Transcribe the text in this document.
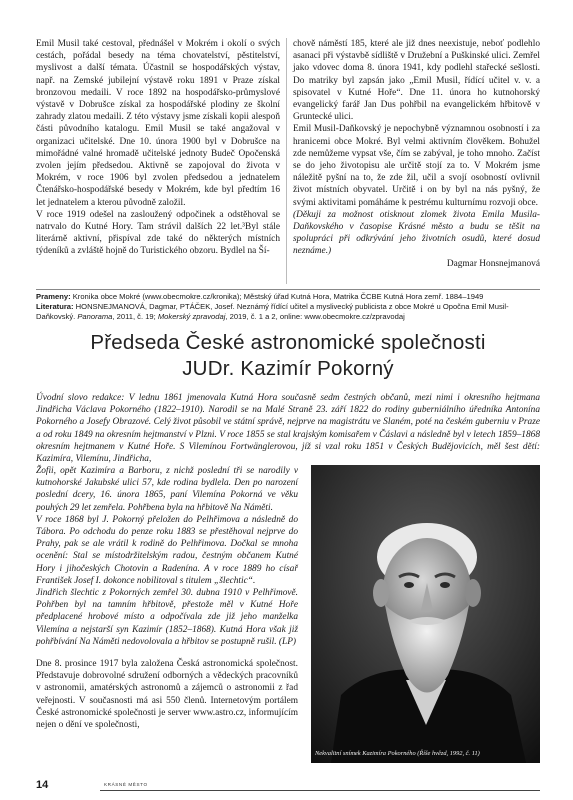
Emil Musil také cestoval, přednášel v Mokrém i okolí o svých cestách, pořádal besedy na téma chovatelství, pěstitelství, myslivost a další témata. Účastnil se hospodářských výstav, např. na Zemské jubilejní výstavě roku 1891 v Praze získal bronzovou medaili. V roce 1892 na hospodářsko-průmyslové výstavě v Dobrušce získal za hospodářské plodiny ze školní zahrady zlatou medaili. Z této výstavy jsme získali kopii alespoň části původního katalogu. Emil Musil se také angažoval v organizaci učitelské. Dne 10. února 1900 byl v Dobrušce na mimořádné valné hromadě učitelské jednoty Budeč Opočenská zvolen jejím předsedou. Aktivně se zapojoval do života v Mokrém, v roce 1906 byl zvolen předsedou a jednatelem Čtenářsko-hospodářské besedy v Mokrém, kde byl předtím 16 let jednatelem a kterou původně založil.

V roce 1919 odešel na zasloužený odpočinek a odstěhoval se natrvalo do Kutné Hory. Tam strávil dalších 22 let.³Byl stále literárně aktivní, přispíval zde také do některých místních týdeníků a zvláště hojně do Turistického obzoru. Bydlel na Ší-

chově náměstí 185, které ale již dnes neexistuje, neboť podlehlo asanaci při výstavbě sídliště v Družební a Puškinské ulici. Zemřel jako vdovec doma 8. února 1941, kdy podlehl stařecké sešlosti. Do matriky byl zapsán jako „Emil Musil, řídící učitel v. v. a spisovatel v Kutné Hoře“. Dne 11. února ho kutnohorský evangelický farář Jan Dus pohřbil na evangelickém hřbitově v Gruntecké ulici.

Emil Musil-Daňkovský je nepochybně významnou osobností i za hranicemi obce Mokré. Byl velmi aktivním člověkem. Bohužel zde nemůžeme vypsat vše, čím se zabýval, je toho mnoho. Začíst se do jeho životopisu ale určitě stojí za to. V Mokrém jsme náležitě pyšní na to, že zde žil, učil a svojí osobností ovlivnil život místních obyvatel. Určitě i on by byl na nás pyšný, že svými aktivitami pomáháme k pestrému kulturnímu rozvoji obce.

(Děkuji za možnost otisknout zlomek života Emila Musila-Daňkovského v časopise Krásné město a budu se těšit na spolupráci při odkrývání jeho životních osudů, které dosud neznáme.)

Dagmar Honsnejmanová

Prameny: Kronika obce Mokré (www.obecmokre.cz/kronika); Městský úřad Kutná Hora, Matrika ČCBE Kutná Hora zemř. 1884–1949
Literatura: HONSNEJMANOVÁ, Dagmar, PTÁČEK, Josef. Neznámý řídící učitel a myslivecký publicista z obce Mokré u Opočna Emil Musil-Daňkovský. Panorama, 2011, č. 19; Mokerský zpravodaj, 2019, č. 1 a 2, online: www.obecmokre.cz/zpravodaj
Předseda České astronomické společnosti
JUDr. Kazimír Pokorný
Úvodní slovo redakce: V lednu 1861 jmenovala Kutná Hora současně sedm čestných občanů, mezi nimi i okresního hejtmana Jindřicha Václava Pokorného (1822–1910). Narodil se na Malé Straně 23. září 1822 do rodiny guberniálního úředníka Antonína Pokorného a Josefy Obrazové. Celý život působil ve státní správě, nejprve na magistrátu ve Slaném, poté na českém guberniu v Praze a od roku 1849 na okresním hejtmanství v Plzni. V roce 1855 se stal krajským komisařem v Čáslavi a následně byl v letech 1859–1868 okresním hejtmanem v Kutné Hoře. S Vilemínou Fortwänglerovou, jíž si vzal roku 1851 v Českých Budějovicích, měl šest dětí: Kazimíra, Vilemínu, Jindřicha,

Žofii, opět Kazimíra a Barboru, z nichž poslední tři se narodily v kutnohorské Jakubské ulici 57, kde rodina bydlela. Den po narození poslední dcery, 16. února 1865, paní Vilemína Pokorná ve věku pouhých 29 let zemřela. Pohřbena byla na hřbitově Na Náměti.

V roce 1868 byl J. Pokorný přeložen do Pelhřimova a následně do Tábora. Po odchodu do penze roku 1883 se přestěhoval nejprve do Prahy, pak se ale vrátil k rodině do Pelhřimova. Dočkal se mnoha ocenění: Stal se místodržitelským radou, čestným občanem Kutné Hory i jihočeských Chotovin a Radenína. A v roce 1889 ho císař František Josef I. dokonce nobilitoval s titulem „šlechtic“.

Jindřich šlechtic z Pokorných zemřel 30. dubna 1910 v Pelhřimově. Pohřben byl na tamním hřbitově, přestože měl v Kutné Hoře předplacené hrobové místo a odpočívala zde již jeho manželka Vilemína a nejstarší syn Kazimír (1852–1868). Kutná Hora však již pohřbívání Na Náměti nedovolovala a hřbitov se postupně rušil. (LP)

Dne 8. prosince 1917 byla založena Česká astronomická společnost. Představuje dobrovolné sdružení odborných a vědeckých pracovníků v astronomii, amatérských astronomů a zájemců o astronomii z řad veřejnosti. V současnosti má asi 550 členů. Internetovým portálem České astronomické společnosti je server www.astro.cz, informujícím nejen o dění ve společnosti,

Nekvalitní snímek Kazimíra Pokorného (Říše hvězd, 1992, č. 11)
14	KRÁSNÉ MĚSTO
